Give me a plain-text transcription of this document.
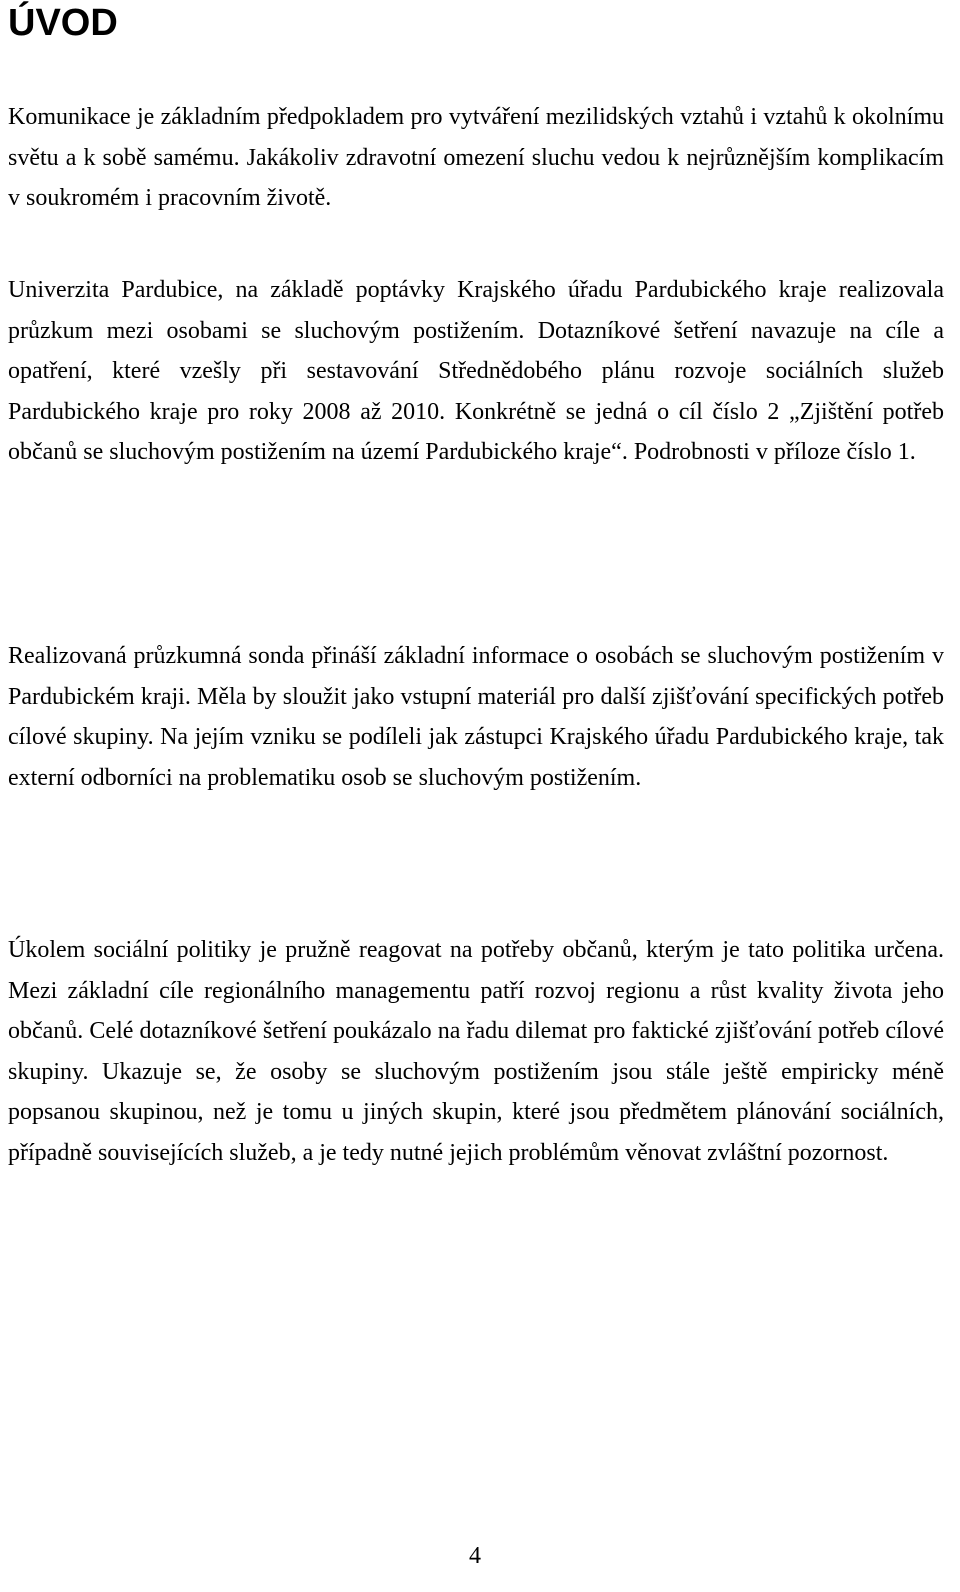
ÚVOD

Komunikace je základním předpokladem pro vytváření mezilidských vztahů i vztahů k okolnímu světu a k sobě samému. Jakákoliv zdravotní omezení sluchu vedou k nejrůznějším komplikacím v soukromém i pracovním životě.

Univerzita Pardubice, na základě poptávky Krajského úřadu Pardubického kraje realizovala průzkum mezi osobami se sluchovým postižením. Dotazníkové šetření navazuje na cíle a opatření, které vzešly při sestavování Střednědobého plánu rozvoje sociálních služeb Pardubického kraje pro roky 2008 až 2010. Konkrétně se jedná o cíl číslo 2 „Zjištění potřeb občanů se sluchovým postižením na území Pardubického kraje“. Podrobnosti v příloze číslo 1.

Realizovaná průzkumná sonda přináší základní informace o osobách se sluchovým postižením v Pardubickém kraji. Měla by sloužit jako vstupní materiál pro další zjišťování specifických potřeb cílové skupiny. Na jejím vzniku se podíleli jak zástupci Krajského úřadu Pardubického kraje, tak externí odborníci na problematiku osob se sluchovým postižením.

Úkolem sociální politiky je pružně reagovat na potřeby občanů, kterým je tato politika určena. Mezi základní cíle regionálního managementu patří rozvoj regionu a růst kvality života jeho občanů. Celé dotazníkové šetření poukázalo na řadu dilemat pro faktické zjišťování potřeb cílové skupiny. Ukazuje se, že osoby se sluchovým postižením jsou stále ještě empiricky méně popsanou skupinou, než je tomu u jiných skupin, které jsou předmětem plánování sociálních, případně souvisejících služeb, a je tedy nutné jejich problémům věnovat zvláštní pozornost.

4
